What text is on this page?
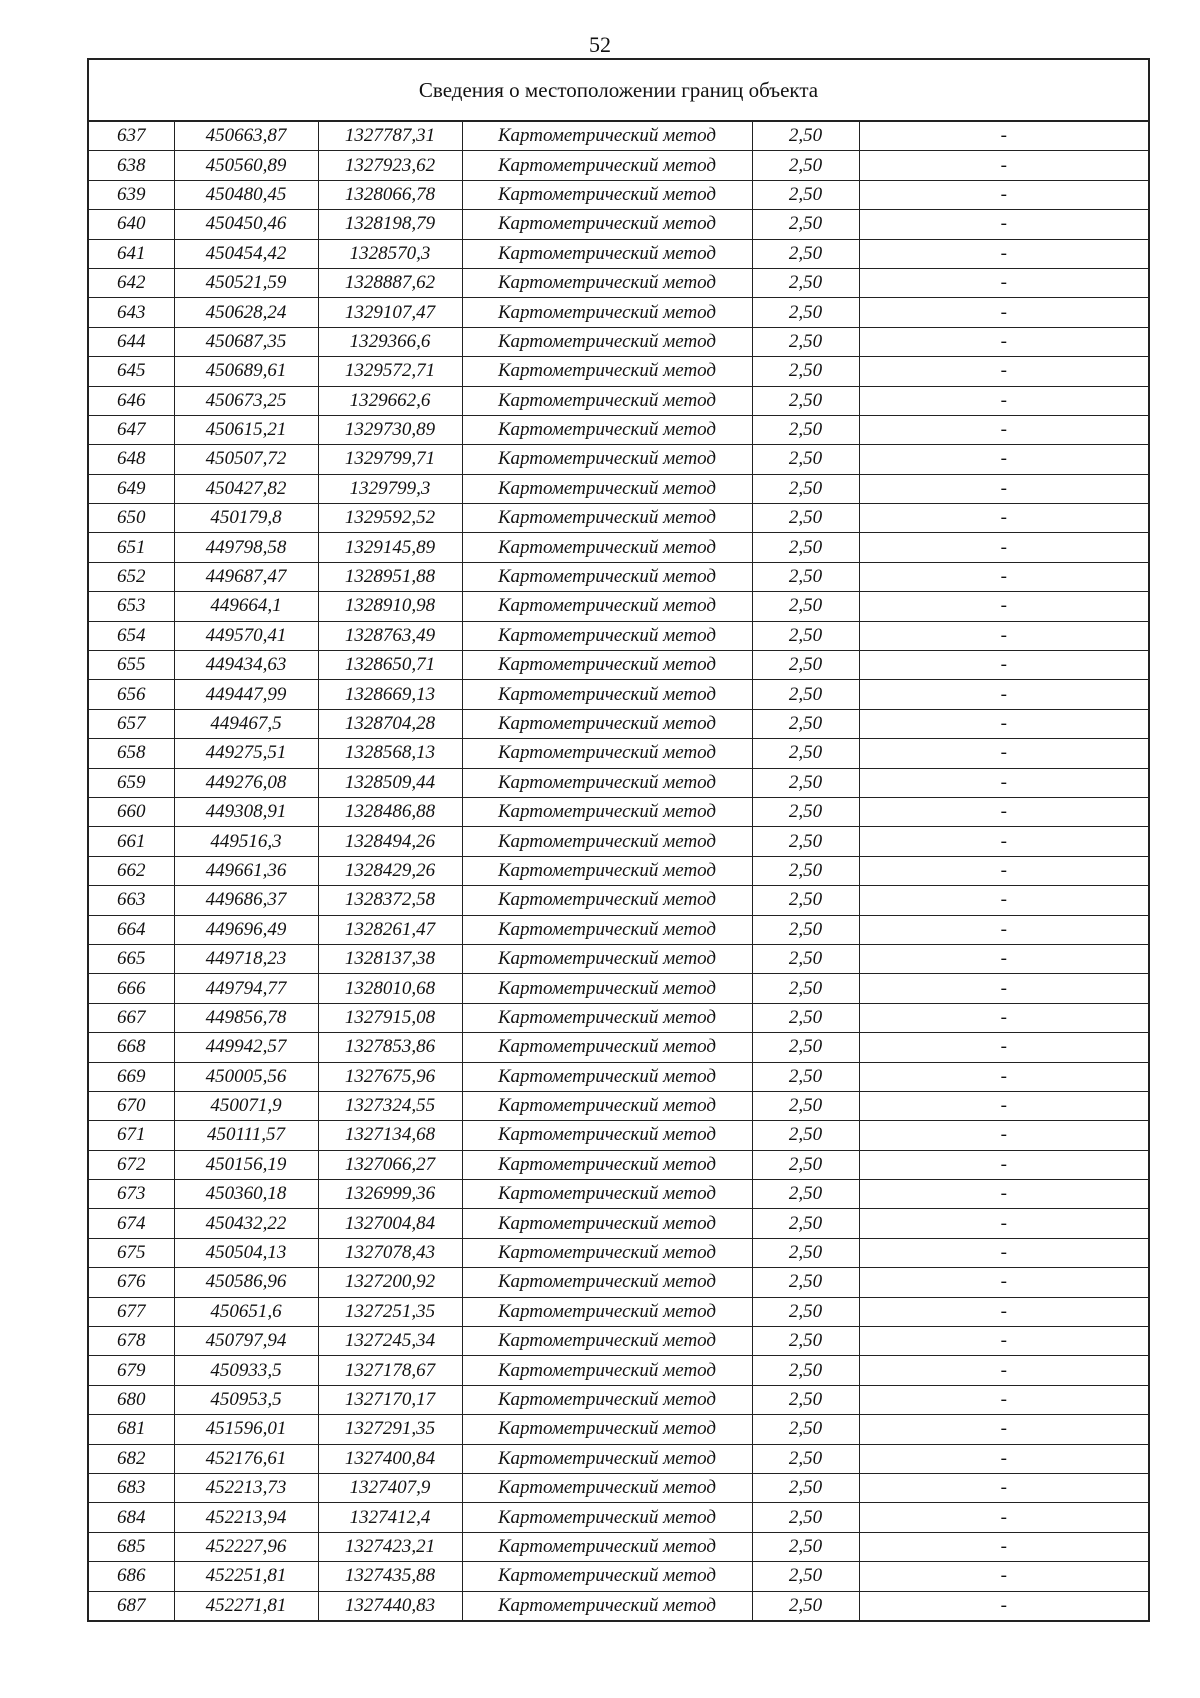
52
Сведения о местоположении границ объекта					
637	450663,87	1327787,31	Картометрический метод	2,50	-
638	450560,89	1327923,62	Картометрический метод	2,50	-
639	450480,45	1328066,78	Картометрический метод	2,50	-
640	450450,46	1328198,79	Картометрический метод	2,50	-
641	450454,42	1328570,3	Картометрический метод	2,50	-
642	450521,59	1328887,62	Картометрический метод	2,50	-
643	450628,24	1329107,47	Картометрический метод	2,50	-
644	450687,35	1329366,6	Картометрический метод	2,50	-
645	450689,61	1329572,71	Картометрический метод	2,50	-
646	450673,25	1329662,6	Картометрический метод	2,50	-
647	450615,21	1329730,89	Картометрический метод	2,50	-
648	450507,72	1329799,71	Картометрический метод	2,50	-
649	450427,82	1329799,3	Картометрический метод	2,50	-
650	450179,8	1329592,52	Картометрический метод	2,50	-
651	449798,58	1329145,89	Картометрический метод	2,50	-
652	449687,47	1328951,88	Картометрический метод	2,50	-
653	449664,1	1328910,98	Картометрический метод	2,50	-
654	449570,41	1328763,49	Картометрический метод	2,50	-
655	449434,63	1328650,71	Картометрический метод	2,50	-
656	449447,99	1328669,13	Картометрический метод	2,50	-
657	449467,5	1328704,28	Картометрический метод	2,50	-
658	449275,51	1328568,13	Картометрический метод	2,50	-
659	449276,08	1328509,44	Картометрический метод	2,50	-
660	449308,91	1328486,88	Картометрический метод	2,50	-
661	449516,3	1328494,26	Картометрический метод	2,50	-
662	449661,36	1328429,26	Картометрический метод	2,50	-
663	449686,37	1328372,58	Картометрический метод	2,50	-
664	449696,49	1328261,47	Картометрический метод	2,50	-
665	449718,23	1328137,38	Картометрический метод	2,50	-
666	449794,77	1328010,68	Картометрический метод	2,50	-
667	449856,78	1327915,08	Картометрический метод	2,50	-
668	449942,57	1327853,86	Картометрический метод	2,50	-
669	450005,56	1327675,96	Картометрический метод	2,50	-
670	450071,9	1327324,55	Картометрический метод	2,50	-
671	450111,57	1327134,68	Картометрический метод	2,50	-
672	450156,19	1327066,27	Картометрический метод	2,50	-
673	450360,18	1326999,36	Картометрический метод	2,50	-
674	450432,22	1327004,84	Картометрический метод	2,50	-
675	450504,13	1327078,43	Картометрический метод	2,50	-
676	450586,96	1327200,92	Картометрический метод	2,50	-
677	450651,6	1327251,35	Картометрический метод	2,50	-
678	450797,94	1327245,34	Картометрический метод	2,50	-
679	450933,5	1327178,67	Картометрический метод	2,50	-
680	450953,5	1327170,17	Картометрический метод	2,50	-
681	451596,01	1327291,35	Картометрический метод	2,50	-
682	452176,61	1327400,84	Картометрический метод	2,50	-
683	452213,73	1327407,9	Картометрический метод	2,50	-
684	452213,94	1327412,4	Картометрический метод	2,50	-
685	452227,96	1327423,21	Картометрический метод	2,50	-
686	452251,81	1327435,88	Картометрический метод	2,50	-
687	452271,81	1327440,83	Картометрический метод	2,50	-
